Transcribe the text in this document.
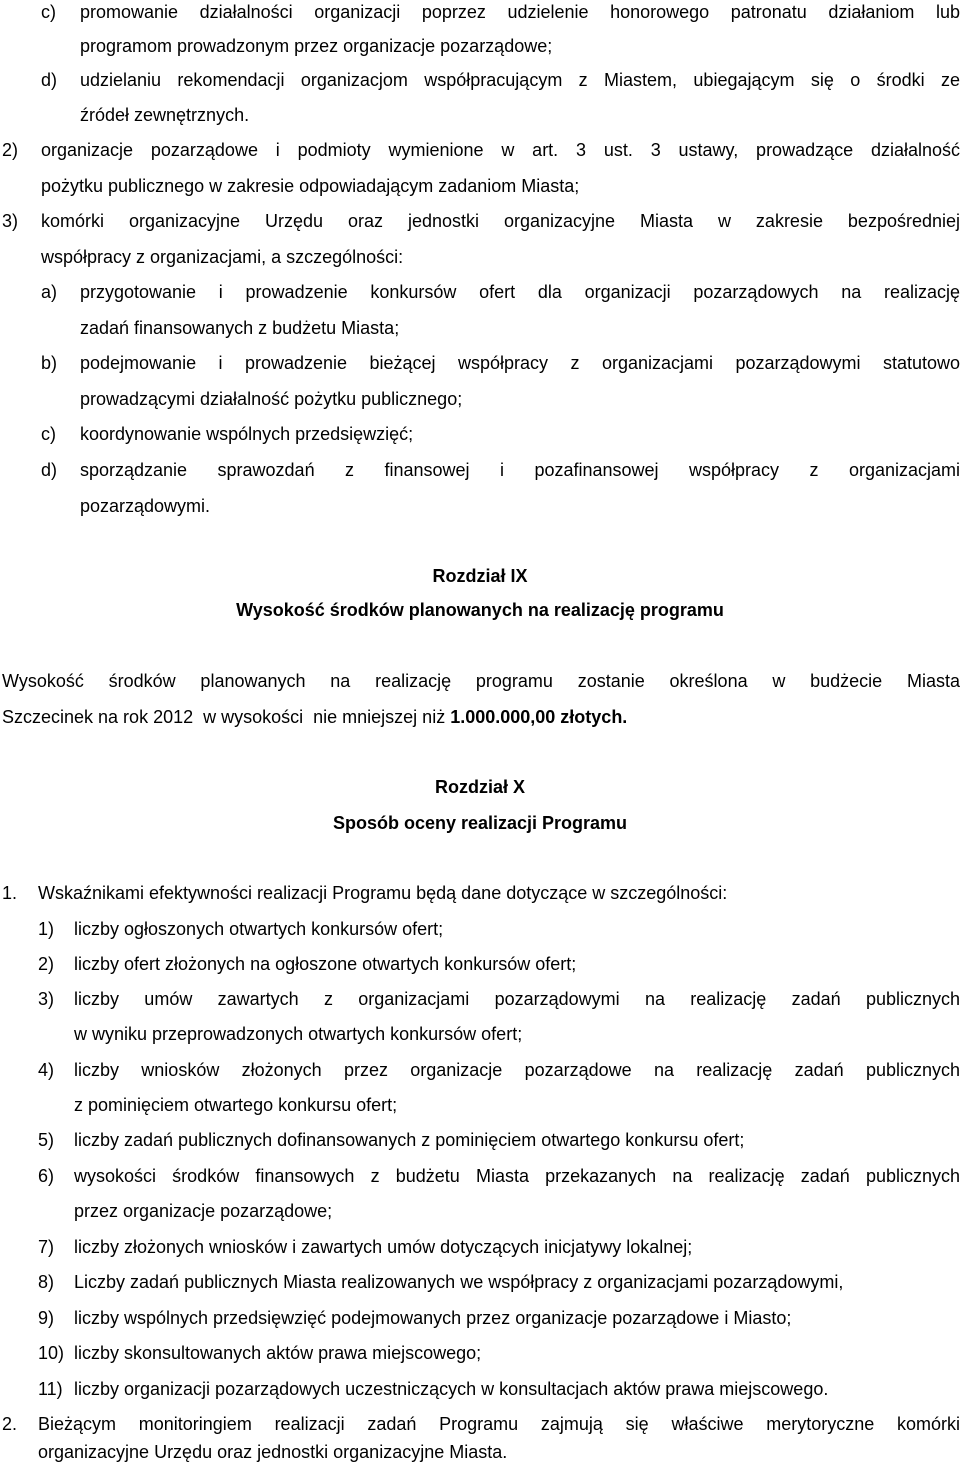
c) promowanie działalności organizacji poprzez udzielenie honorowego patronatu działaniom lub
programom prowadzonym przez organizacje pozarządowe;
d) udzielaniu rekomendacji organizacjom współpracującym z Miastem, ubiegającym się o środki ze
źródeł zewnętrznych.
2) organizacje pozarządowe i podmioty wymienione w art. 3 ust. 3 ustawy, prowadzące działalność
pożytku publicznego w zakresie odpowiadającym zadaniom Miasta;
3) komórki organizacyjne Urzędu oraz jednostki organizacyjne Miasta w zakresie bezpośredniej
współpracy z organizacjami, a szczególności:
a) przygotowanie i prowadzenie konkursów ofert dla organizacji pozarządowych na realizację
zadań finansowanych z budżetu Miasta;
b) podejmowanie i prowadzenie bieżącej współpracy z organizacjami pozarządowymi statutowo
prowadzącymi działalność pożytku publicznego;
c) koordynowanie wspólnych przedsięwzięć;
d) sporządzanie sprawozdań z finansowej i pozafinansowej współpracy z organizacjami
pozarządowymi.
Rozdział IX
Wysokość środków planowanych na realizację programu
Wysokość środków planowanych na realizację programu zostanie określona w budżecie Miasta
Szczecinek na rok 2012  w wysokości  nie mniejszej niż 1.000.000,00 złotych.
Rozdział X
Sposób oceny realizacji Programu
1. Wskaźnikami efektywności realizacji Programu będą dane dotyczące w szczególności:
1) liczby ogłoszonych otwartych konkursów ofert;
2) liczby ofert złożonych na ogłoszone otwartych konkursów ofert;
3) liczby umów zawartych z organizacjami pozarządowymi na realizację zadań publicznych
w wyniku przeprowadzonych otwartych konkursów ofert;
4) liczby wniosków złożonych przez organizacje pozarządowe na realizację zadań publicznych
z pominięciem otwartego konkursu ofert;
5) liczby zadań publicznych dofinansowanych z pominięciem otwartego konkursu ofert;
6) wysokości środków finansowych z budżetu Miasta przekazanych na realizację zadań publicznych
przez organizacje pozarządowe;
7) liczby złożonych wniosków i zawartych umów dotyczących inicjatywy lokalnej;
8) Liczby zadań publicznych Miasta realizowanych we współpracy z organizacjami pozarządowymi,
9) liczby wspólnych przedsięwzięć podejmowanych przez organizacje pozarządowe i Miasto;
10) liczby skonsultowanych aktów prawa miejscowego;
11) liczby organizacji pozarządowych uczestniczących w konsultacjach aktów prawa miejscowego.
2. Bieżącym monitoringiem realizacji zadań Programu zajmują się właściwe merytoryczne komórki
organizacyjne Urzędu oraz jednostki organizacyjne Miasta.
